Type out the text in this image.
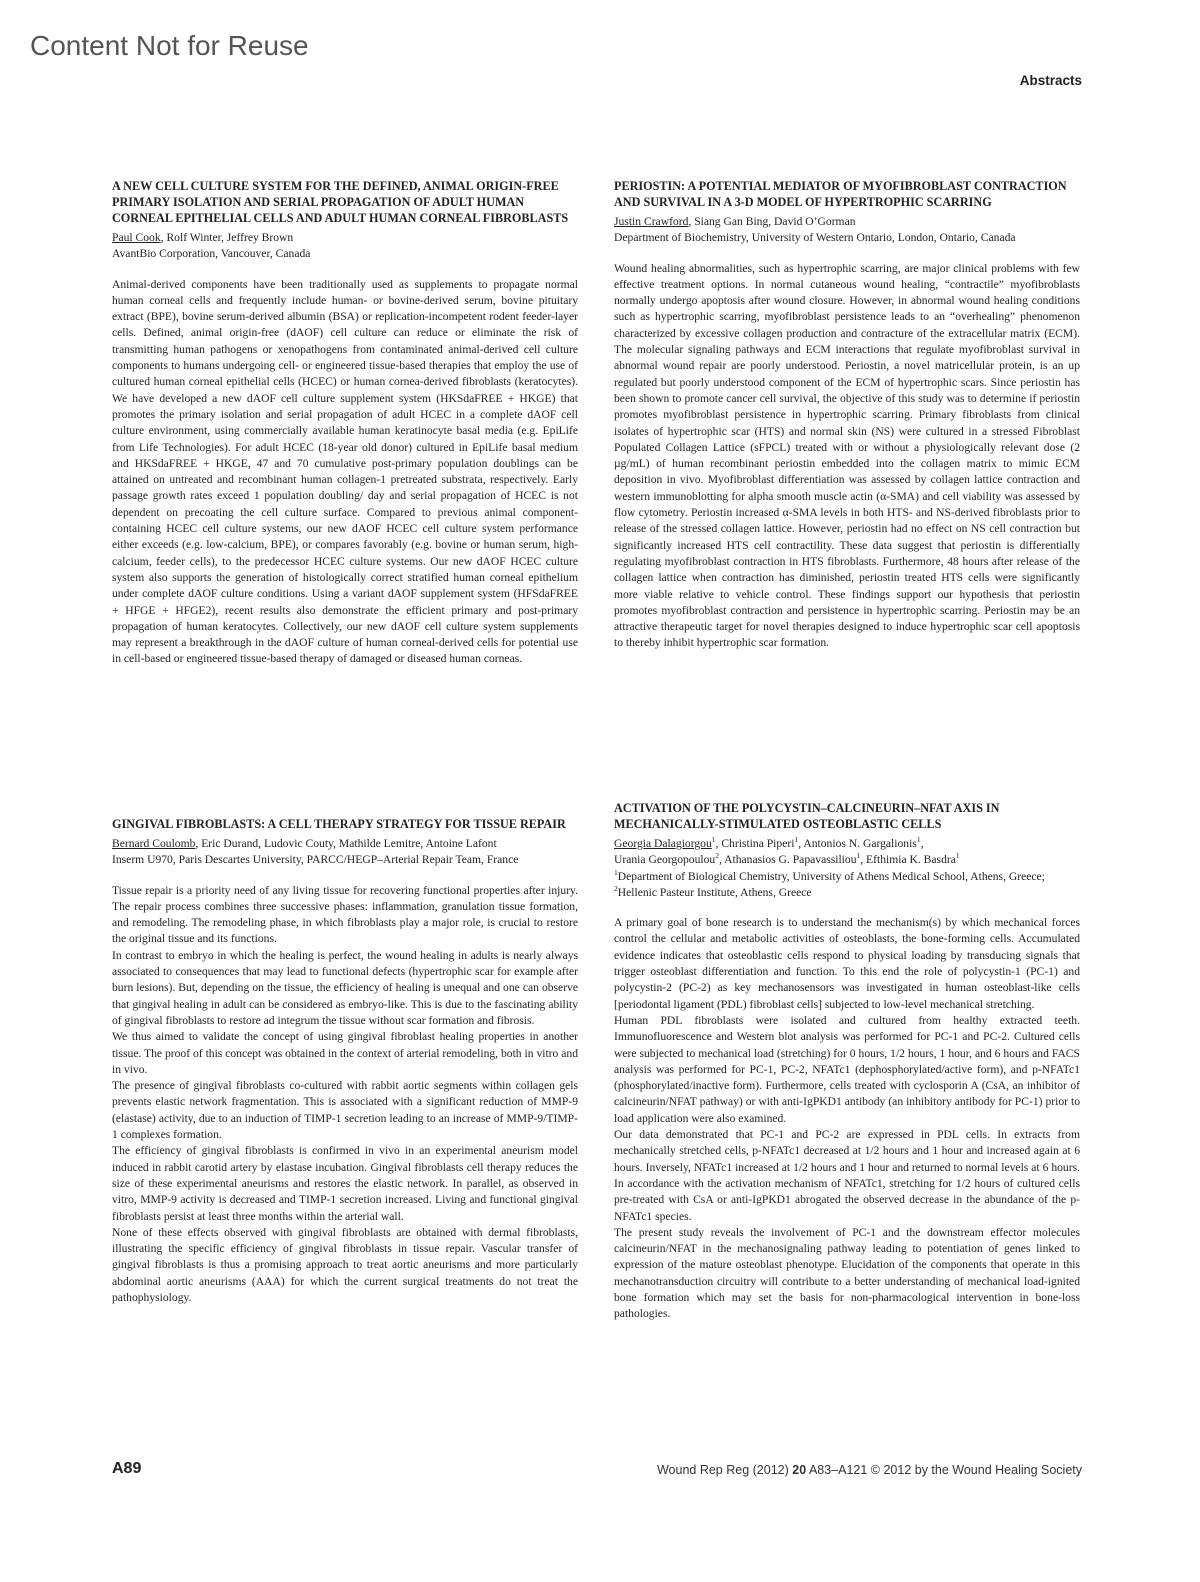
Content Not for Reuse
Abstracts
A NEW CELL CULTURE SYSTEM FOR THE DEFINED, ANIMAL ORIGIN-FREE PRIMARY ISOLATION AND SERIAL PROPAGATION OF ADULT HUMAN CORNEAL EPITHELIAL CELLS AND ADULT HUMAN CORNEAL FIBROBLASTS
Paul Cook, Rolf Winter, Jeffrey Brown
AvantBio Corporation, Vancouver, Canada

Animal-derived components have been traditionally used as supplements to propagate normal human corneal cells and frequently include human- or bovine-derived serum, bovine pituitary extract (BPE), bovine serum-derived albumin (BSA) or replication-incompetent rodent feeder-layer cells. Defined, animal origin-free (dAOF) cell culture can reduce or eliminate the risk of transmitting human pathogens or xenopathogens from contaminated animal-derived cell culture components to humans undergoing cell- or engineered tissue-based therapies that employ the use of cultured human corneal epithelial cells (HCEC) or human cornea-derived fibroblasts (keratocytes). We have developed a new dAOF cell culture supplement system (HKSdaFREE + HKGE) that promotes the primary isolation and serial propagation of adult HCEC in a complete dAOF cell culture environment, using commercially available human keratinocyte basal media (e.g. EpiLife from Life Technologies). For adult HCEC (18-year old donor) cultured in EpiLife basal medium and HKSdaFREE + HKGE, 47 and 70 cumulative post-primary population doublings can be attained on untreated and recombinant human collagen-1 pretreated substrata, respectively. Early passage growth rates exceed 1 population doubling/ day and serial propagation of HCEC is not dependent on precoating the cell culture surface. Compared to previous animal component- containing HCEC cell culture systems, our new dAOF HCEC cell culture system performance either exceeds (e.g. low-calcium, BPE), or compares favorably (e.g. bovine or human serum, high-calcium, feeder cells), to the predecessor HCEC culture systems. Our new dAOF HCEC culture system also supports the generation of histologically correct stratified human corneal epithelium under complete dAOF culture conditions. Using a variant dAOF supplement system (HFSdaFREE + HFGE + HFGE2), recent results also demonstrate the efficient primary and post-primary propagation of human keratocytes. Collectively, our new dAOF cell culture system supplements may represent a breakthrough in the dAOF culture of human corneal-derived cells for potential use in cell-based or engineered tissue-based therapy of damaged or diseased human corneas.

PERIOSTIN: A POTENTIAL MEDIATOR OF MYOFIBROBLAST CONTRACTION AND SURVIVAL IN A 3-D MODEL OF HYPERTROPHIC SCARRING
Justin Crawford, Siang Gan Bing, David O’Gorman
Department of Biochemistry, University of Western Ontario, London, Ontario, Canada

Wound healing abnormalities, such as hypertrophic scarring, are major clinical problems with few effective treatment options. In normal cutaneous wound healing, “contractile” myofibroblasts normally undergo apoptosis after wound closure. However, in abnormal wound healing conditions such as hypertrophic scarring, myofibroblast persistence leads to an “overhealing” phenomenon characterized by excessive collagen production and contracture of the extracellular matrix (ECM). The molecular signaling pathways and ECM interactions that regulate myofibroblast survival in abnormal wound repair are poorly understood. Periostin, a novel matricellular protein, is an up regulated but poorly understood component of the ECM of hypertrophic scars. Since periostin has been shown to promote cancer cell survival, the objective of this study was to determine if periostin promotes myofibroblast persistence in hypertrophic scarring. Primary fibroblasts from clinical isolates of hypertrophic scar (HTS) and normal skin (NS) were cultured in a stressed Fibroblast Populated Collagen Lattice (sFPCL) treated with or without a physiologically relevant dose (2 µg/mL) of human recombinant periostin embedded into the collagen matrix to mimic ECM deposition in vivo. Myofibroblast differentiation was assessed by collagen lattice contraction and western immunoblotting for alpha smooth muscle actin (α-SMA) and cell viability was assessed by flow cytometry. Periostin increased α-SMA levels in both HTS- and NS-derived fibroblasts prior to release of the stressed collagen lattice. However, periostin had no effect on NS cell contraction but significantly increased HTS cell contractility. These data suggest that periostin is differentially regulating myofibroblast contraction in HTS fibroblasts. Furthermore, 48 hours after release of the collagen lattice when contraction has diminished, periostin treated HTS cells were significantly more viable relative to vehicle control. These findings support our hypothesis that periostin promotes myofibroblast contraction and persistence in hypertrophic scarring. Periostin may be an attractive therapeutic target for novel therapies designed to induce hypertrophic scar cell apoptosis to thereby inhibit hypertrophic scar formation.

GINGIVAL FIBROBLASTS: A CELL THERAPY STRATEGY FOR TISSUE REPAIR
Bernard Coulomb, Eric Durand, Ludovic Couty, Mathilde Lemitre, Antoine Lafont
Inserm U970, Paris Descartes University, PARCC/HEGP–Arterial Repair Team, France

Tissue repair is a priority need of any living tissue for recovering functional properties after injury. The repair process combines three successive phases: inflammation, granulation tissue formation, and remodeling. The remodeling phase, in which fibroblasts play a major role, is crucial to restore the original tissue and its functions.

In contrast to embryo in which the healing is perfect, the wound healing in adults is nearly always associated to consequences that may lead to functional defects (hypertrophic scar for example after burn lesions). But, depending on the tissue, the efficiency of healing is unequal and one can observe that gingival healing in adult can be considered as embryo-like. This is due to the fascinating ability of gingival fibroblasts to restore ad integrum the tissue without scar formation and fibrosis.

We thus aimed to validate the concept of using gingival fibroblast healing properties in another tissue. The proof of this concept was obtained in the context of arterial remodeling, both in vitro and in vivo.

The presence of gingival fibroblasts co-cultured with rabbit aortic segments within collagen gels prevents elastic network fragmentation. This is associated with a significant reduction of MMP-9 (elastase) activity, due to an induction of TIMP-1 secretion leading to an increase of MMP-9/TIMP-1 complexes formation.

The efficiency of gingival fibroblasts is confirmed in vivo in an experimental aneurism model induced in rabbit carotid artery by elastase incubation. Gingival fibroblasts cell therapy reduces the size of these experimental aneurisms and restores the elastic network. In parallel, as observed in vitro, MMP-9 activity is decreased and TIMP-1 secretion increased. Living and functional gingival fibroblasts persist at least three months within the arterial wall.

None of these effects observed with gingival fibroblasts are obtained with dermal fibroblasts, illustrating the specific efficiency of gingival fibroblasts in tissue repair. Vascular transfer of gingival fibroblasts is thus a promising approach to treat aortic aneurisms and more particularly abdominal aortic aneurisms (AAA) for which the current surgical treatments do not treat the pathophysiology.

ACTIVATION OF THE POLYCYSTIN–CALCINEURIN–NFAT AXIS IN MECHANICALLY-STIMULATED OSTEOBLASTIC CELLS
Georgia Dalagiorgou$^1$, Christina Piperi$^1$, Antonios N. Gargalionis$^1$,
Urania Georgopoulou$^2$, Athanasios G. Papavassiliou$^1$, Efthimia K. Basdra$^1$
$^1$Department of Biological Chemistry, University of Athens Medical School, Athens, Greece;
$^2$Hellenic Pasteur Institute, Athens, Greece

A primary goal of bone research is to understand the mechanism(s) by which mechanical forces control the cellular and metabolic activities of osteoblasts, the bone-forming cells. Accumulated evidence indicates that osteoblastic cells respond to physical loading by transducing signals that trigger osteoblast differentiation and function. To this end the role of polycystin-1 (PC-1) and polycystin-2 (PC-2) as key mechanosensors was investigated in human osteoblast-like cells [periodontal ligament (PDL) fibroblast cells] subjected to low-level mechanical stretching.

Human PDL fibroblasts were isolated and cultured from healthy extracted teeth. Immunofluorescence and Western blot analysis was performed for PC-1 and PC-2. Cultured cells were subjected to mechanical load (stretching) for 0 hours, 1/2 hours, 1 hour, and 6 hours and FACS analysis was performed for PC-1, PC-2, NFATc1 (dephosphorylated/active form), and p-NFATc1 (phosphorylated/inactive form). Furthermore, cells treated with cyclosporin A (CsA, an inhibitor of calcineurin/NFAT pathway) or with anti-IgPKD1 antibody (an inhibitory antibody for PC-1) prior to load application were also examined.

Our data demonstrated that PC-1 and PC-2 are expressed in PDL cells. In extracts from mechanically stretched cells, p-NFATc1 decreased at 1/2 hours and 1 hour and increased again at 6 hours. Inversely, NFATc1 increased at 1/2 hours and 1 hour and returned to normal levels at 6 hours. In accordance with the activation mechanism of NFATc1, stretching for 1/2 hours of cultured cells pre-treated with CsA or anti-IgPKD1 abrogated the observed decrease in the abundance of the p-NFATc1 species.

The present study reveals the involvement of PC-1 and the downstream effector molecules calcineurin/NFAT in the mechanosignaling pathway leading to potentiation of genes linked to expression of the mature osteoblast phenotype. Elucidation of the components that operate in this mechanotransduction circuitry will contribute to a better understanding of mechanical load-ignited bone formation which may set the basis for non-pharmacological intervention in bone-loss pathologies.

A89	Wound Rep Reg (2012) 20 A83–A121 © 2012 by the Wound Healing Society
